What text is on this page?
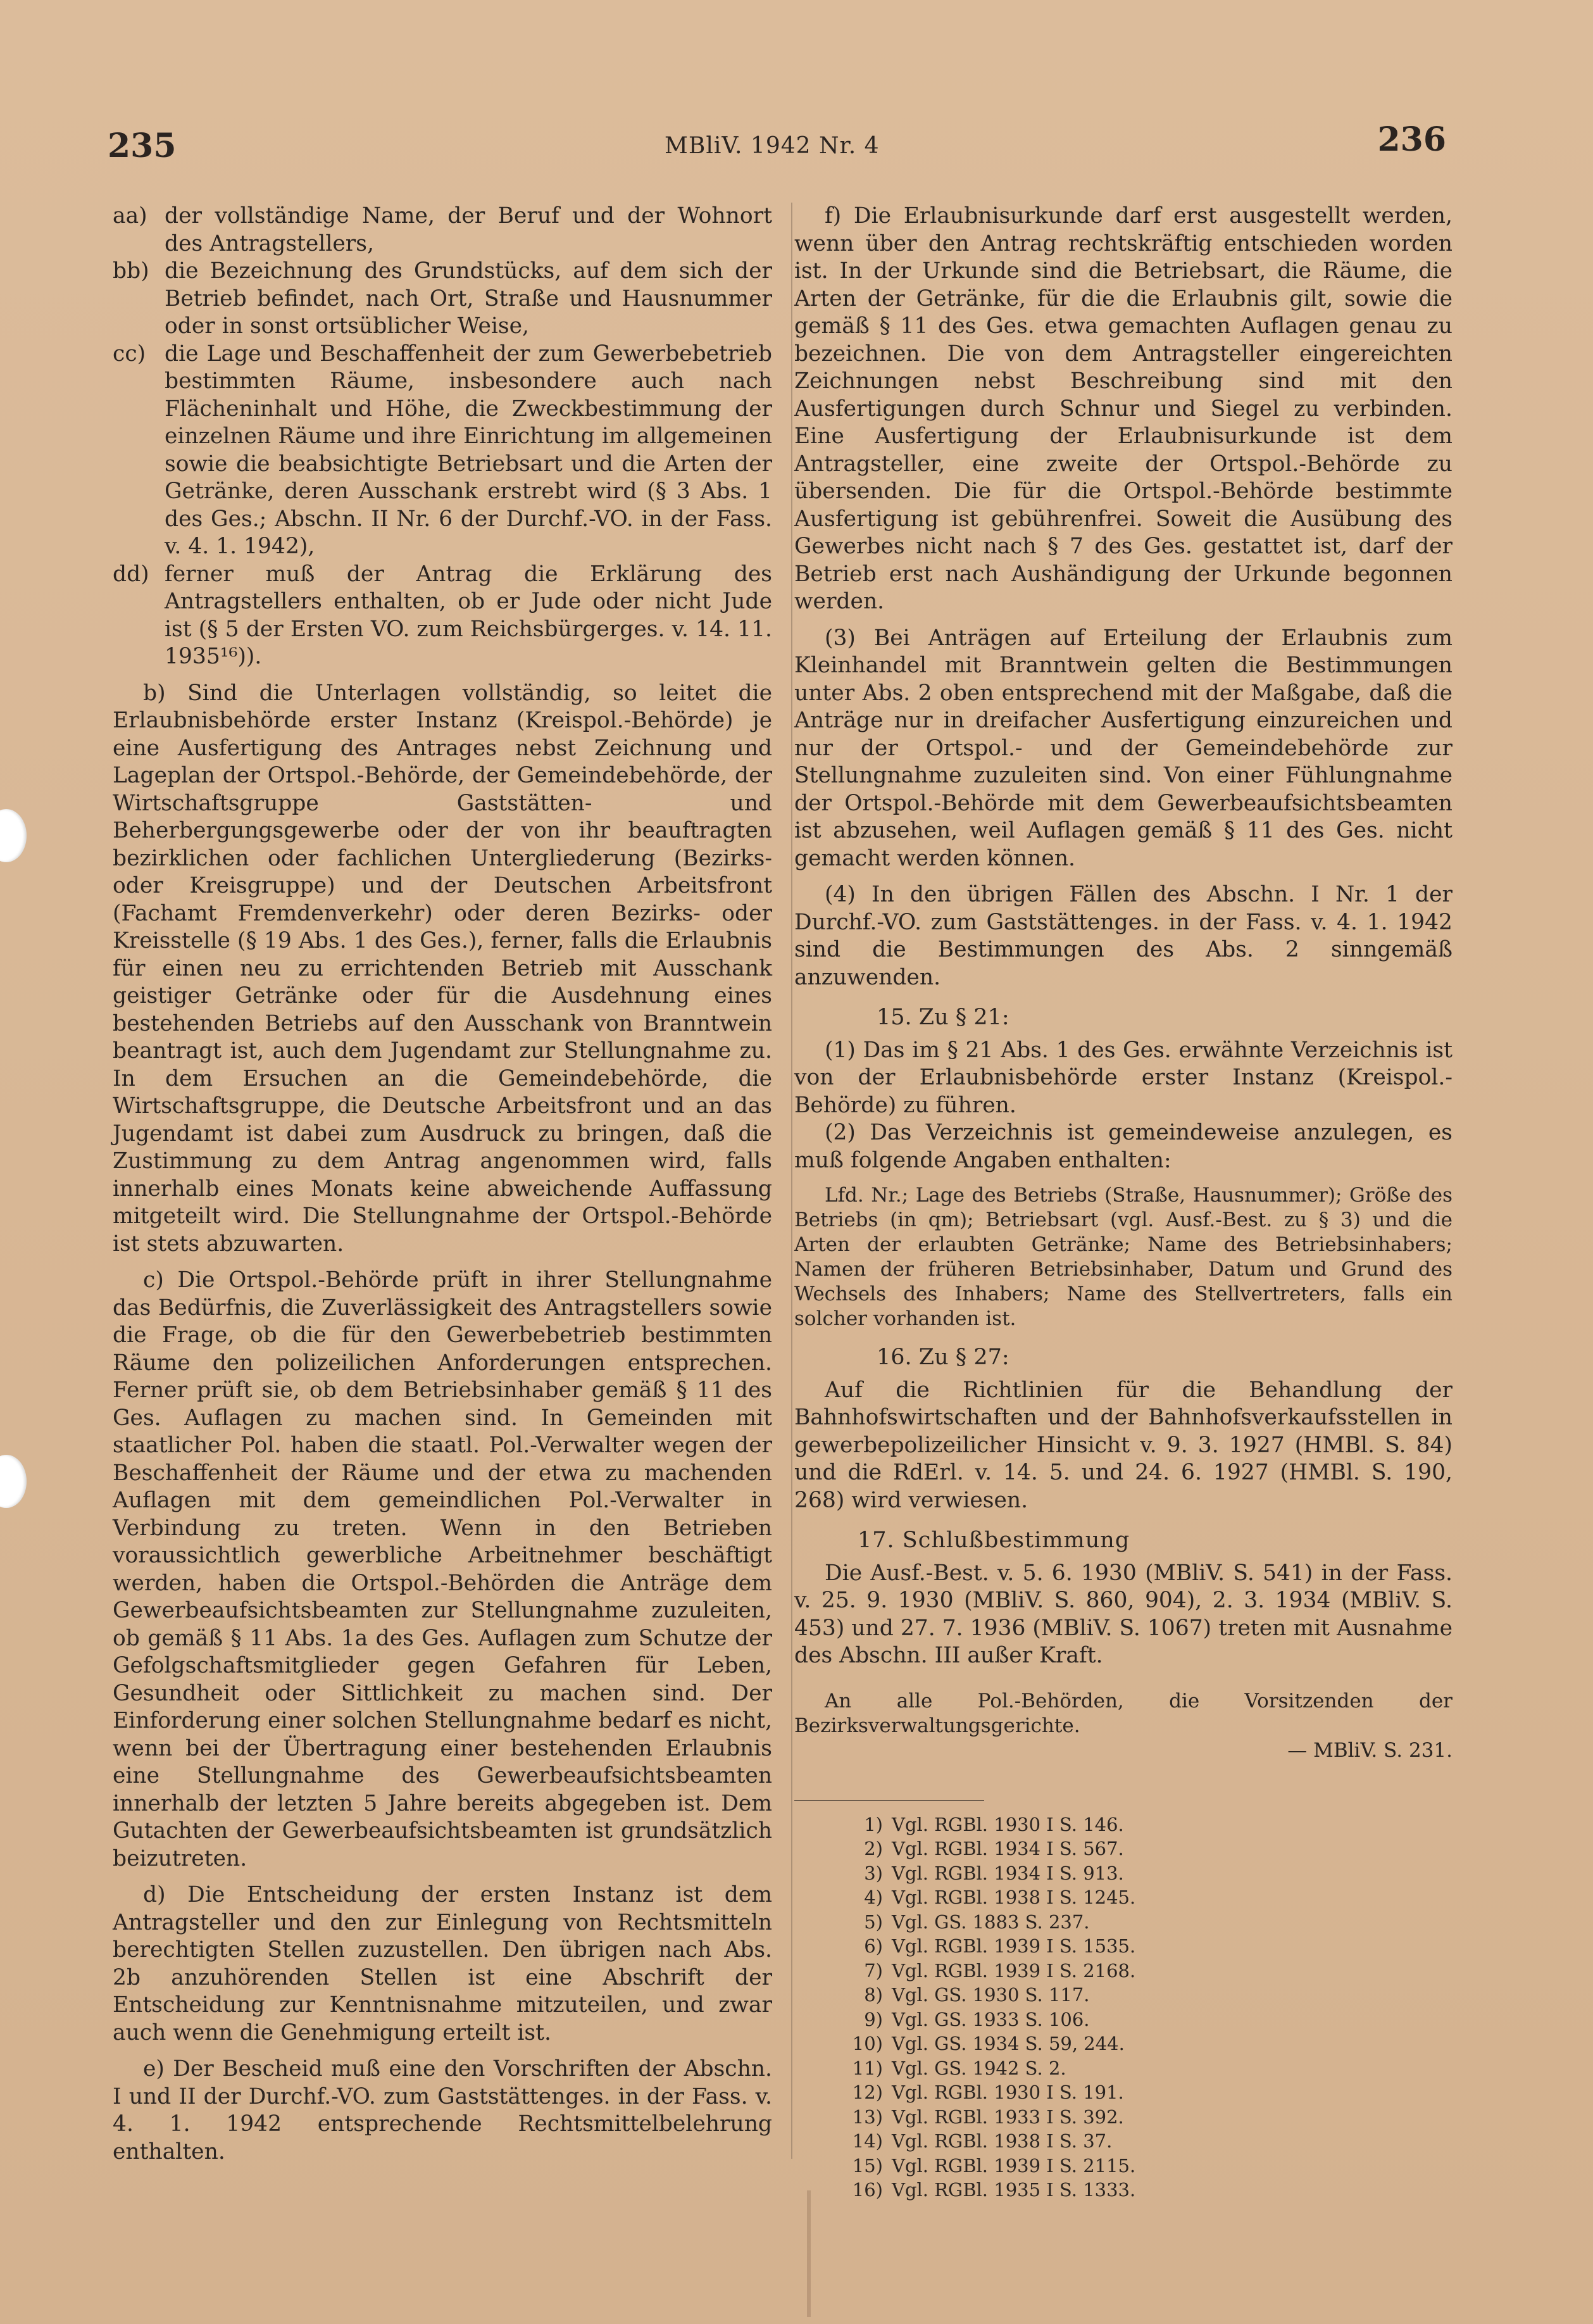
235	MBliV. 1942 Nr. 4	236
aa) der vollständige Name, der Beruf und der Wohnort des Antragstellers,
bb) die Bezeichnung des Grundstücks, auf dem sich der Betrieb befindet, nach Ort, Straße und Hausnummer oder in sonst ortsüblicher Weise,
cc) die Lage und Beschaffenheit der zum Gewerbebetrieb bestimmten Räume, insbesondere auch nach Flächeninhalt und Höhe, die Zweckbestimmung der einzelnen Räume und ihre Einrichtung im allgemeinen sowie die beabsichtigte Betriebsart und die Arten der Getränke, deren Ausschank erstrebt wird (§ 3 Abs. 1 des Ges.; Abschn. II Nr. 6 der Durchf.-VO. in der Fass. v. 4. 1. 1942),
dd) ferner muß der Antrag die Erklärung des Antragstellers enthalten, ob er Jude oder nicht Jude ist (§ 5 der Ersten VO. zum Reichsbürgerges. v. 14. 11. 1935¹⁶)).

b) Sind die Unterlagen vollständig, so leitet die Erlaubnisbehörde erster Instanz (Kreispol.-Behörde) je eine Ausfertigung des Antrages nebst Zeichnung und Lageplan der Ortspol.-Behörde, der Gemeindebehörde, der Wirtschaftsgruppe Gaststätten- und Beherbergungsgewerbe oder der von ihr beauftragten bezirklichen oder fachlichen Untergliederung (Bezirks- oder Kreisgruppe) und der Deutschen Arbeitsfront (Fachamt Fremdenverkehr) oder deren Bezirks- oder Kreisstelle (§ 19 Abs. 1 des Ges.), ferner, falls die Erlaubnis für einen neu zu errichtenden Betrieb mit Ausschank geistiger Getränke oder für die Ausdehnung eines bestehenden Betriebs auf den Ausschank von Branntwein beantragt ist, auch dem Jugendamt zur Stellungnahme zu. In dem Ersuchen an die Gemeindebehörde, die Wirtschaftsgruppe, die Deutsche Arbeitsfront und an das Jugendamt ist dabei zum Ausdruck zu bringen, daß die Zustimmung zu dem Antrag angenommen wird, falls innerhalb eines Monats keine abweichende Auffassung mitgeteilt wird. Die Stellungnahme der Ortspol.-Behörde ist stets abzuwarten.

c) Die Ortspol.-Behörde prüft in ihrer Stellungnahme das Bedürfnis, die Zuverlässigkeit des Antragstellers sowie die Frage, ob die für den Gewerbebetrieb bestimmten Räume den polizeilichen Anforderungen entsprechen. Ferner prüft sie, ob dem Betriebsinhaber gemäß § 11 des Ges. Auflagen zu machen sind. In Gemeinden mit staatlicher Pol. haben die staatl. Pol.-Verwalter wegen der Beschaffenheit der Räume und der etwa zu machenden Auflagen mit dem gemeindlichen Pol.-Verwalter in Verbindung zu treten. Wenn in den Betrieben voraussichtlich gewerbliche Arbeitnehmer beschäftigt werden, haben die Ortspol.-Behörden die Anträge dem Gewerbeaufsichtsbeamten zur Stellungnahme zuzuleiten, ob gemäß § 11 Abs. 1a des Ges. Auflagen zum Schutze der Gefolgschaftsmitglieder gegen Gefahren für Leben, Gesundheit oder Sittlichkeit zu machen sind. Der Einforderung einer solchen Stellungnahme bedarf es nicht, wenn bei der Übertragung einer bestehenden Erlaubnis eine Stellungnahme des Gewerbeaufsichtsbeamten innerhalb der letzten 5 Jahre bereits abgegeben ist. Dem Gutachten der Gewerbeaufsichtsbeamten ist grundsätzlich beizutreten.

d) Die Entscheidung der ersten Instanz ist dem Antragsteller und den zur Einlegung von Rechtsmitteln berechtigten Stellen zuzustellen. Den übrigen nach Abs. 2b anzuhörenden Stellen ist eine Abschrift der Entscheidung zur Kenntnisnahme mitzuteilen, und zwar auch wenn die Genehmigung erteilt ist.

e) Der Bescheid muß eine den Vorschriften der Abschn. I und II der Durchf.-VO. zum Gaststättenges. in der Fass. v. 4. 1. 1942 entsprechende Rechtsmittelbelehrung enthalten.

f) Die Erlaubnisurkunde darf erst ausgestellt werden, wenn über den Antrag rechtskräftig entschieden worden ist. In der Urkunde sind die Betriebsart, die Räume, die Arten der Getränke, für die die Erlaubnis gilt, sowie die gemäß § 11 des Ges. etwa gemachten Auflagen genau zu bezeichnen. Die von dem Antragsteller eingereichten Zeichnungen nebst Beschreibung sind mit den Ausfertigungen durch Schnur und Siegel zu verbinden. Eine Ausfertigung der Erlaubnisurkunde ist dem Antragsteller, eine zweite der Ortspol.-Behörde zu übersenden. Die für die Ortspol.-Behörde bestimmte Ausfertigung ist gebührenfrei. Soweit die Ausübung des Gewerbes nicht nach § 7 des Ges. gestattet ist, darf der Betrieb erst nach Aushändigung der Urkunde begonnen werden.

(3) Bei Anträgen auf Erteilung der Erlaubnis zum Kleinhandel mit Branntwein gelten die Bestimmungen unter Abs. 2 oben entsprechend mit der Maßgabe, daß die Anträge nur in dreifacher Ausfertigung einzureichen und nur der Ortspol.- und der Gemeindebehörde zur Stellungnahme zuzuleiten sind. Von einer Fühlungnahme der Ortspol.-Behörde mit dem Gewerbeaufsichtsbeamten ist abzusehen, weil Auflagen gemäß § 11 des Ges. nicht gemacht werden können.

(4) In den übrigen Fällen des Abschn. I Nr. 1 der Durchf.-VO. zum Gaststättenges. in der Fass. v. 4. 1. 1942 sind die Bestimmungen des Abs. 2 sinngemäß anzuwenden.

15. Zu § 21:

(1) Das im § 21 Abs. 1 des Ges. erwähnte Verzeichnis ist von der Erlaubnisbehörde erster Instanz (Kreispol.-Behörde) zu führen.

(2) Das Verzeichnis ist gemeindeweise anzulegen, es muß folgende Angaben enthalten:

Lfd. Nr.; Lage des Betriebs (Straße, Hausnummer); Größe des Betriebs (in qm); Betriebsart (vgl. Ausf.-Best. zu § 3) und die Arten der erlaubten Getränke; Name des Betriebsinhabers; Namen der früheren Betriebsinhaber, Datum und Grund des Wechsels des Inhabers; Name des Stellvertreters, falls ein solcher vorhanden ist.

16. Zu § 27:

Auf die Richtlinien für die Behandlung der Bahnhofswirtschaften und der Bahnhofsverkaufsstellen in gewerbepolizeilicher Hinsicht v. 9. 3. 1927 (HMBl. S. 84) und die RdErl. v. 14. 5. und 24. 6. 1927 (HMBl. S. 190, 268) wird verwiesen.

17. Schlußbestimmung

Die Ausf.-Best. v. 5. 6. 1930 (MBliV. S. 541) in der Fass. v. 25. 9. 1930 (MBliV. S. 860, 904), 2. 3. 1934 (MBliV. S. 453) und 27. 7. 1936 (MBliV. S. 1067) treten mit Ausnahme des Abschn. III außer Kraft.

An alle Pol.-Behörden, die Vorsitzenden der Bezirksverwaltungsgerichte.

— MBliV. S. 231.

1) Vgl. RGBl. 1930 I S. 146.
2) Vgl. RGBl. 1934 I S. 567.
3) Vgl. RGBl. 1934 I S. 913.
4) Vgl. RGBl. 1938 I S. 1245.
5) Vgl. GS. 1883 S. 237.
6) Vgl. RGBl. 1939 I S. 1535.
7) Vgl. RGBl. 1939 I S. 2168.
8) Vgl. GS. 1930 S. 117.
9) Vgl. GS. 1933 S. 106.
10) Vgl. GS. 1934 S. 59, 244.
11) Vgl. GS. 1942 S. 2.
12) Vgl. RGBl. 1930 I S. 191.
13) Vgl. RGBl. 1933 I S. 392.
14) Vgl. RGBl. 1938 I S. 37.
15) Vgl. RGBl. 1939 I S. 2115.
16) Vgl. RGBl. 1935 I S. 1333.
